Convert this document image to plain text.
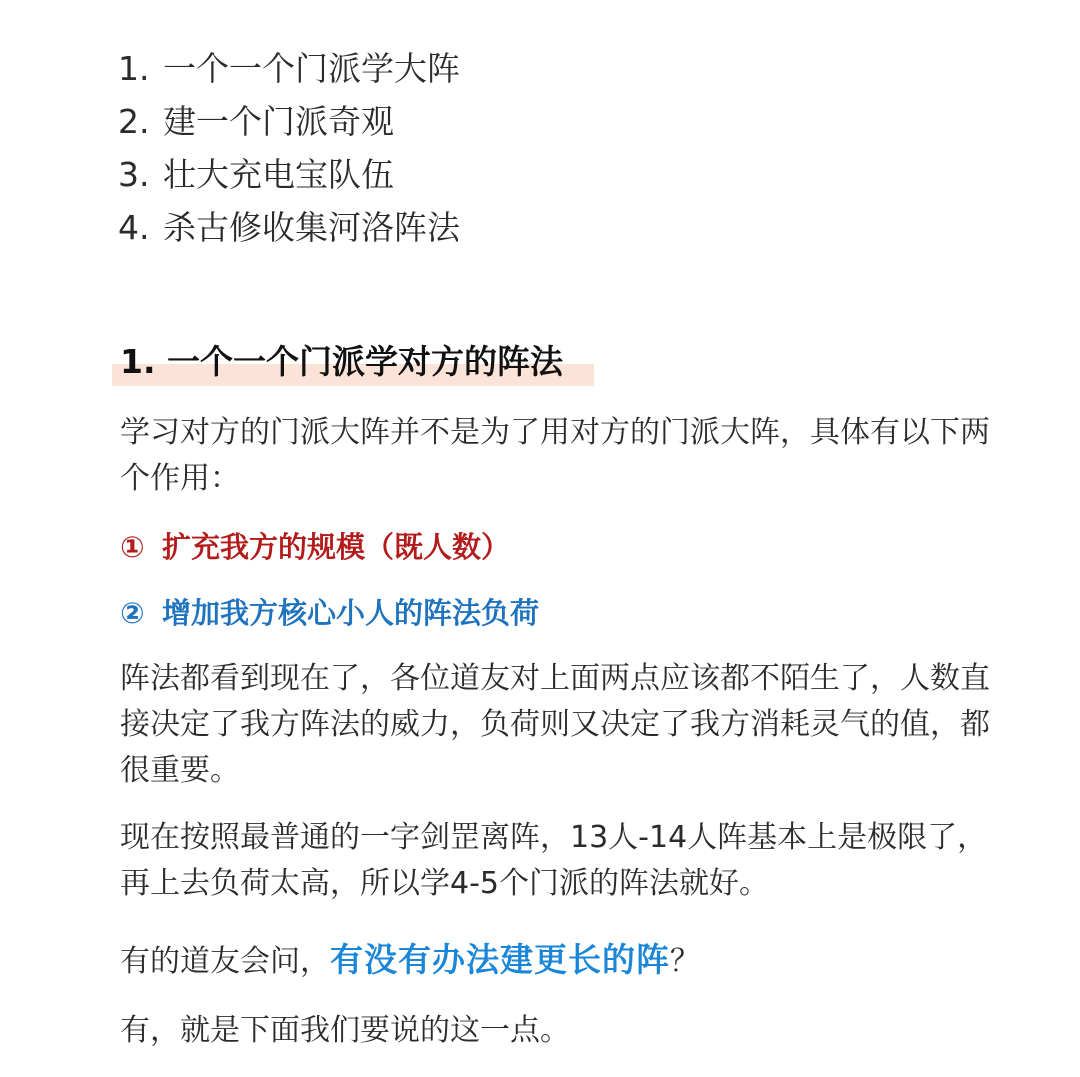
1. 一个一个门派学大阵
2. 建一个门派奇观
3. 壮大充电宝队伍
4. 杀古修收集河洛阵法
1. 一个一个门派学对方的阵法

学习对方的门派大阵并不是为了用对方的门派大阵，具体有以下两个作用：

① 扩充我方的规模（既人数）
② 增加我方核心小人的阵法负荷

阵法都看到现在了，各位道友对上面两点应该都不陌生了，人数直接决定了我方阵法的威力，负荷则又决定了我方消耗灵气的值，都很重要。

现在按照最普通的一字剑罡离阵，13人-14人阵基本上是极限了，再上去负荷太高，所以学4-5个门派的阵法就好。

有的道友会问，有没有办法建更长的阵？

有，就是下面我们要说的这一点。
